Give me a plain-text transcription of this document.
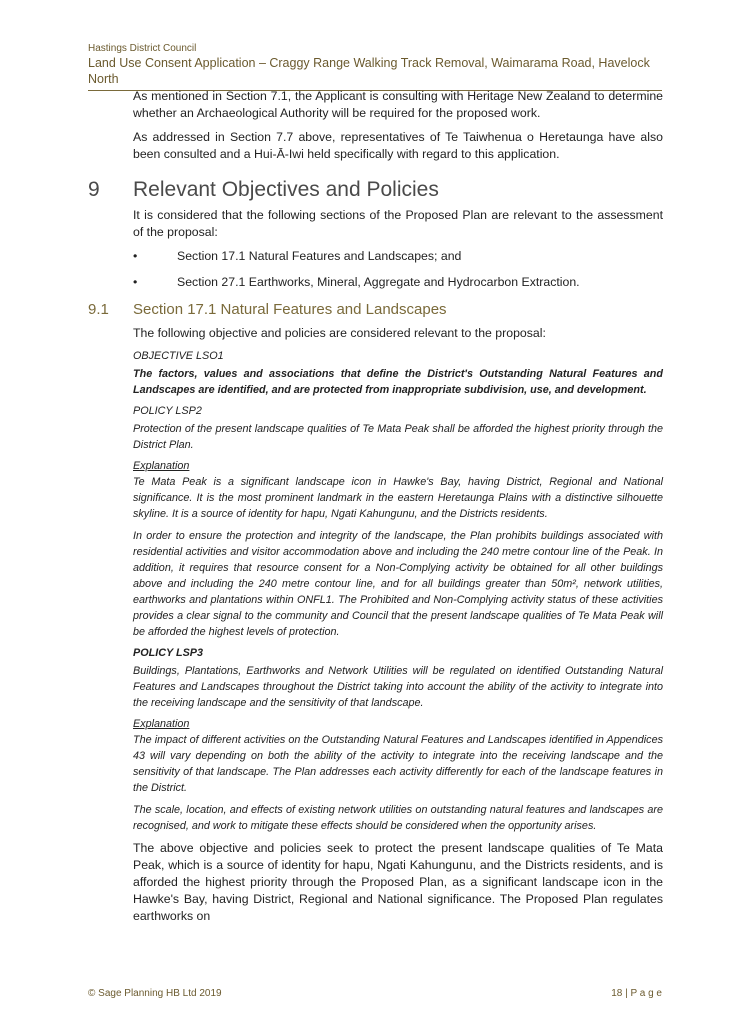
Hastings District Council
Land Use Consent Application – Craggy Range Walking Track Removal, Waimarama Road, Havelock North

As mentioned in Section 7.1, the Applicant is consulting with Heritage New Zealand to determine whether an Archaeological Authority will be required for the proposed work.

As addressed in Section 7.7 above, representatives of Te Taiwhenua o Heretaunga have also been consulted and a Hui-Ā-Iwi held specifically with regard to this application.

9 Relevant Objectives and Policies

It is considered that the following sections of the Proposed Plan are relevant to the assessment of the proposal:

•	Section 17.1 Natural Features and Landscapes; and
•	Section 27.1 Earthworks, Mineral, Aggregate and Hydrocarbon Extraction.
9.1 Section 17.1 Natural Features and Landscapes

The following objective and policies are considered relevant to the proposal:

OBJECTIVE LSO1

The factors, values and associations that define the District's Outstanding Natural Features and Landscapes are identified, and are protected from inappropriate subdivision, use, and development.

POLICY LSP2

Protection of the present landscape qualities of Te Mata Peak shall be afforded the highest priority through the District Plan.

Explanation

Te Mata Peak is a significant landscape icon in Hawke's Bay, having District, Regional and National significance. It is the most prominent landmark in the eastern Heretaunga Plains with a distinctive silhouette skyline. It is a source of identity for hapu, Ngati Kahungunu, and the Districts residents.

In order to ensure the protection and integrity of the landscape, the Plan prohibits buildings associated with residential activities and visitor accommodation above and including the 240 metre contour line of the Peak. In addition, it requires that resource consent for a Non-Complying activity be obtained for all other buildings above and including the 240 metre contour line, and for all buildings greater than 50m², network utilities, earthworks and plantations within ONFL1. The Prohibited and Non-Complying activity status of these activities provides a clear signal to the community and Council that the present landscape qualities of Te Mata Peak will be afforded the highest levels of protection.

POLICY LSP3

Buildings, Plantations, Earthworks and Network Utilities will be regulated on identified Outstanding Natural Features and Landscapes throughout the District taking into account the ability of the activity to integrate into the receiving landscape and the sensitivity of that landscape.

Explanation

The impact of different activities on the Outstanding Natural Features and Landscapes identified in Appendices 43 will vary depending on both the ability of the activity to integrate into the receiving landscape and the sensitivity of that landscape. The Plan addresses each activity differently for each of the landscape features in the District.

The scale, location, and effects of existing network utilities on outstanding natural features and landscapes are recognised, and work to mitigate these effects should be considered when the opportunity arises.

The above objective and policies seek to protect the present landscape qualities of Te Mata Peak, which is a source of identity for hapu, Ngati Kahungunu, and the Districts residents, and is afforded the highest priority through the Proposed Plan, as a significant landscape icon in the Hawke's Bay, having District, Regional and National significance. The Proposed Plan regulates earthworks on

© Sage Planning HB Ltd 2019	18 | P a g e
